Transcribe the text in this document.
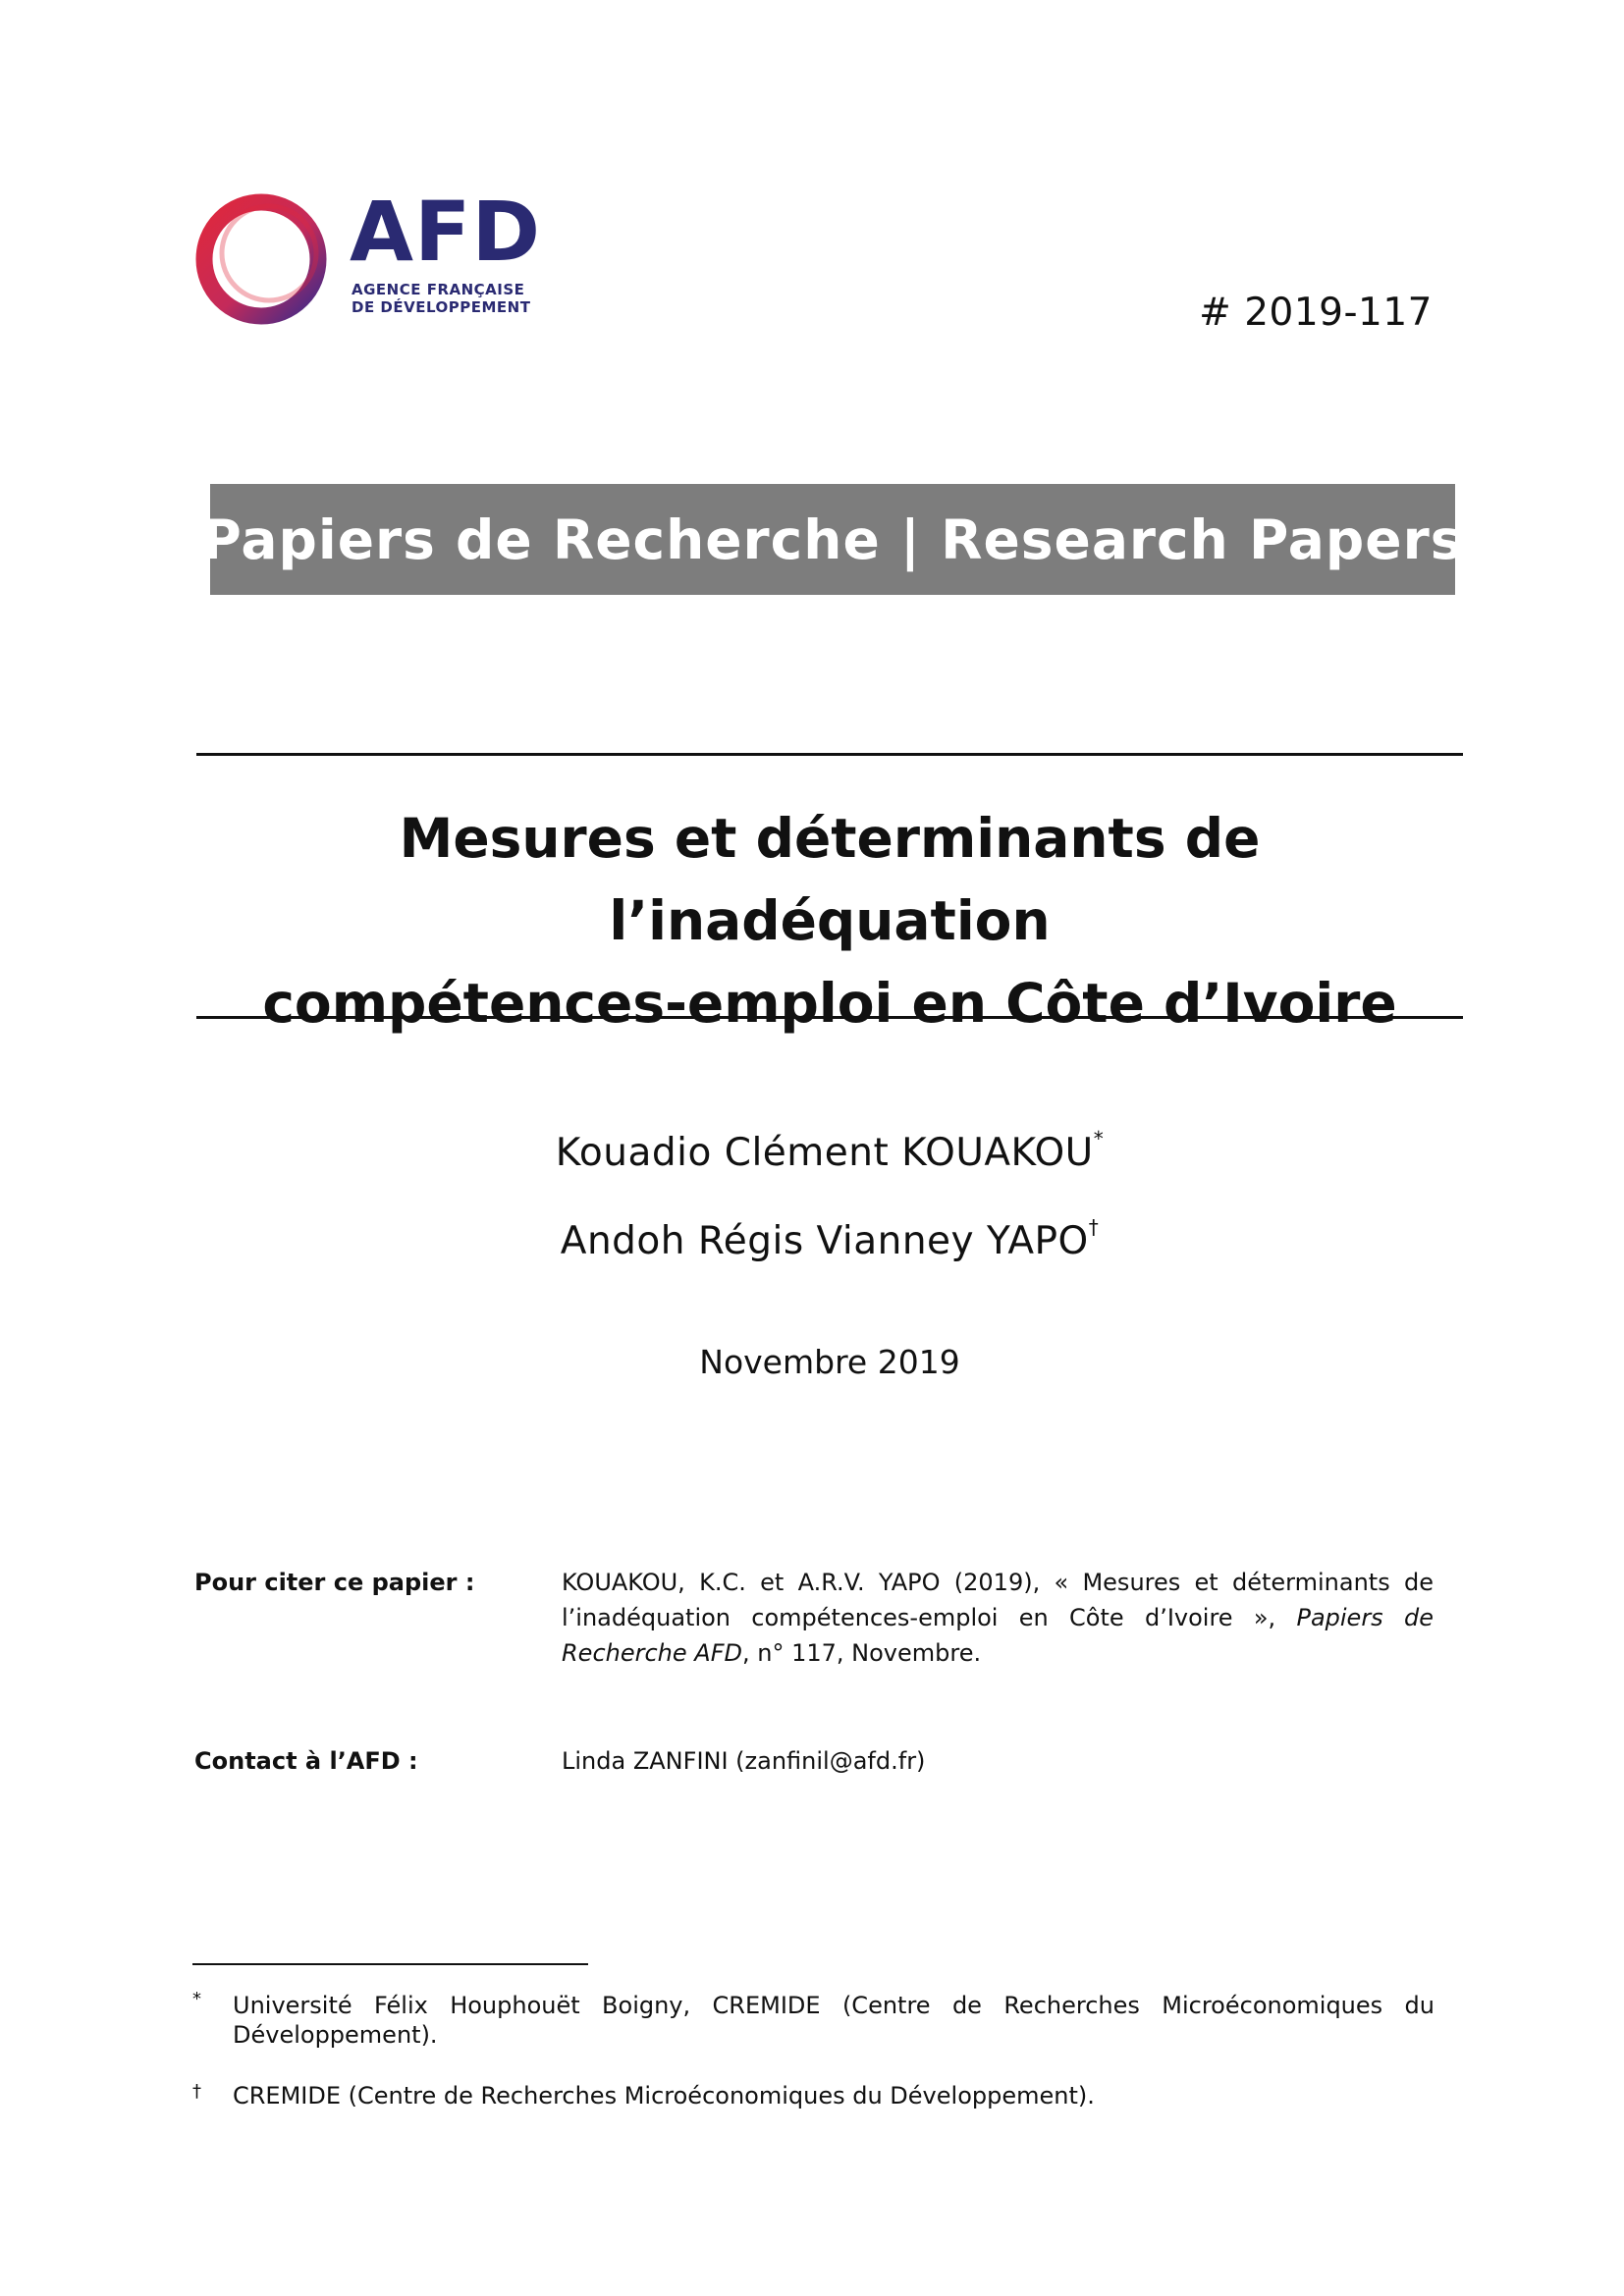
AFD
AGENCE FRANÇAISE
DE DÉVELOPPEMENT	# 2019-117
Papiers de Recherche | Research Papers
Mesures et déterminants de l’inadéquation
compétences-emploi en Côte d’Ivoire
Kouadio Clément KOUAKOU*
Andoh Régis Vianney YAPO†
Novembre 2019
Pour citer ce papier :	KOUAKOU, K.C. et A.R.V. YAPO (2019), « Mesures et déterminants de l’inadéquation compétences-emploi en Côte d’Ivoire », Papiers de Recherche AFD, n° 117, Novembre.
Contact à l’AFD :	Linda ZANFINI (zanfinil@afd.fr)
* Université Félix Houphouët Boigny, CREMIDE (Centre de Recherches Microéconomiques du Développement).
† CREMIDE (Centre de Recherches Microéconomiques du Développement).
